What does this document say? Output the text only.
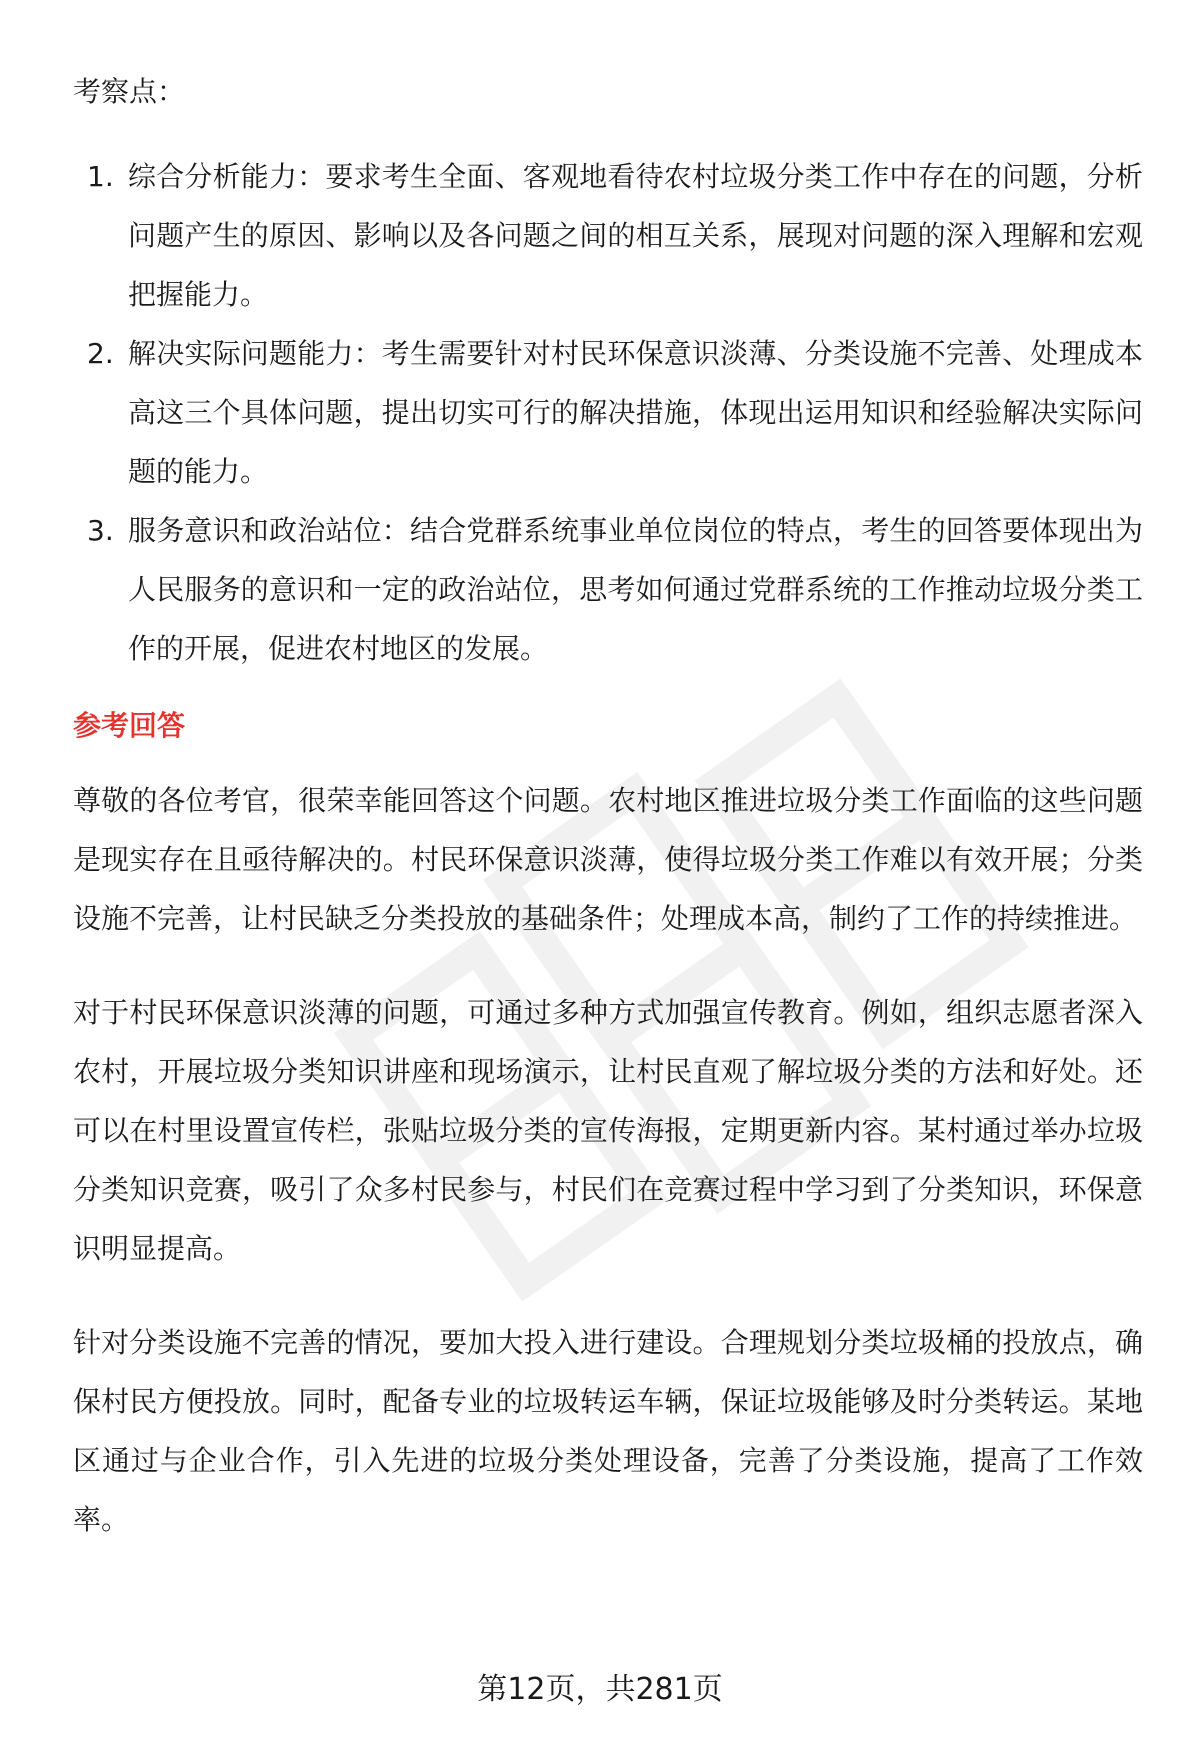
考察点：

1. 综合分析能力：要求考生全面、客观地看待农村垃圾分类工作中存在的问题，分析问题产生的原因、影响以及各问题之间的相互关系，展现对问题的深入理解和宏观把握能力。
2. 解决实际问题能力：考生需要针对村民环保意识淡薄、分类设施不完善、处理成本高这三个具体问题，提出切实可行的解决措施，体现出运用知识和经验解决实际问题的能力。
3. 服务意识和政治站位：结合党群系统事业单位岗位的特点，考生的回答要体现出为人民服务的意识和一定的政治站位，思考如何通过党群系统的工作推动垃圾分类工作的开展，促进农村地区的发展。
参考回答

尊敬的各位考官，很荣幸能回答这个问题。农村地区推进垃圾分类工作面临的这些问题是现实存在且亟待解决的。村民环保意识淡薄，使得垃圾分类工作难以有效开展；分类设施不完善，让村民缺乏分类投放的基础条件；处理成本高，制约了工作的持续推进。

对于村民环保意识淡薄的问题，可通过多种方式加强宣传教育。例如，组织志愿者深入农村，开展垃圾分类知识讲座和现场演示，让村民直观了解垃圾分类的方法和好处。还可以在村里设置宣传栏，张贴垃圾分类的宣传海报，定期更新内容。某村通过举办垃圾分类知识竞赛，吸引了众多村民参与，村民们在竞赛过程中学习到了分类知识，环保意识明显提高。

针对分类设施不完善的情况，要加大投入进行建设。合理规划分类垃圾桶的投放点，确保村民方便投放。同时，配备专业的垃圾转运车辆，保证垃圾能够及时分类转运。某地区通过与企业合作，引入先进的垃圾分类处理设备，完善了分类设施，提高了工作效率。

第12页，共281页
